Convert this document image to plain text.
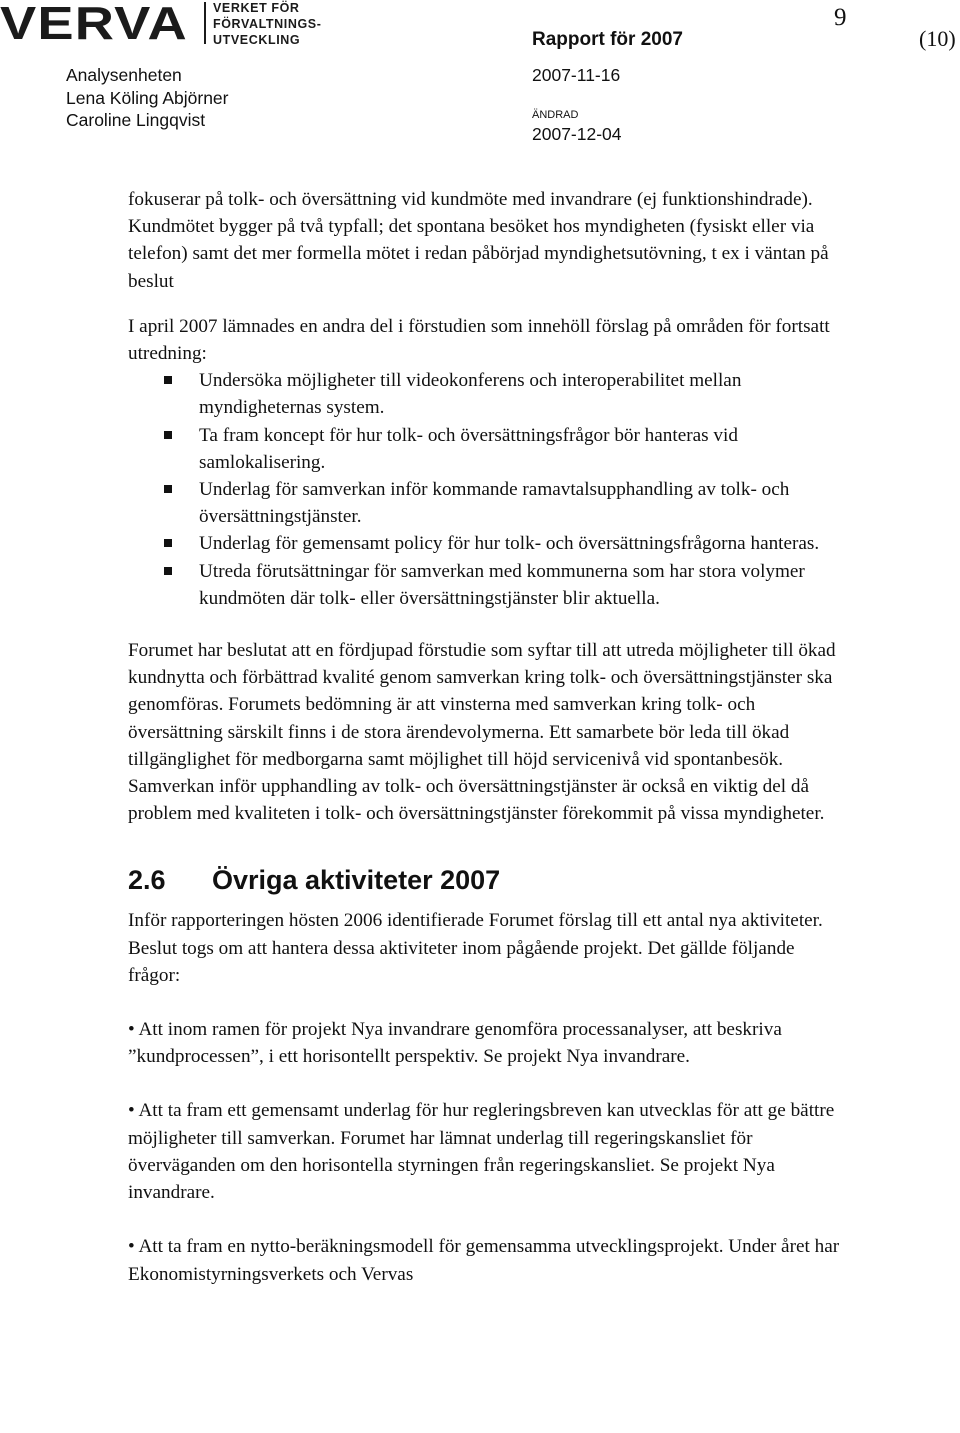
VERVA VERKET FÖR
FÖRVALTNINGS-
UTVECKLING
9
Rapport för 2007	(10)
Analysenheten
Lena Köling Abjörner
Caroline Lingqvist
2007-11-16
ÄNDRAD
2007-12-04

fokuserar på tolk- och översättning vid kundmöte med invandrare (ej funktionshindrade). Kundmötet bygger på två typfall; det spontana besöket hos myndigheten (fysiskt eller via telefon) samt det mer formella mötet i redan påbörjad myndighetsutövning, t ex i väntan på beslut

I april 2007 lämnades en andra del i förstudien som innehöll förslag på områden för fortsatt utredning:

Undersöka möjligheter till videokonferens och interoperabilitet mellan myndigheternas system.
Ta fram koncept för hur tolk- och översättningsfrågor bör hanteras vid samlokalisering.
Underlag för samverkan inför kommande ramavtalsupphandling av tolk- och översättningstjänster.
Underlag för gemensamt policy för hur tolk- och översättningsfrågorna hanteras.
Utreda förutsättningar för samverkan med kommunerna som har stora volymer kundmöten där tolk- eller översättningstjänster blir aktuella.

Forumet har beslutat att en fördjupad förstudie som syftar till att utreda möjligheter till ökad kundnytta och förbättrad kvalité genom samverkan kring tolk- och översättningstjänster ska genomföras. Forumets bedömning är att vinsterna med samverkan kring tolk- och översättning särskilt finns i de stora ärendevolymerna. Ett samarbete bör leda till ökad tillgänglighet för medborgarna samt möjlighet till höjd servicenivå vid spontanbesök. Samverkan inför upphandling av tolk- och översättningstjänster är också en viktig del då problem med kvaliteten i tolk- och översättningstjänster förekommit på vissa myndigheter.

2.6	Övriga aktiviteter 2007

Inför rapporteringen hösten 2006 identifierade Forumet förslag till ett antal nya aktiviteter. Beslut togs om att hantera dessa aktiviteter inom pågående projekt. Det gällde följande frågor:

• Att inom ramen för projekt Nya invandrare genomföra processanalyser, att beskriva ”kundprocessen”, i ett horisontellt perspektiv. Se projekt Nya invandrare.

• Att ta fram ett gemensamt underlag för hur regleringsbreven kan utvecklas för att ge bättre möjligheter till samverkan. Forumet har lämnat underlag till regeringskansliet för överväganden om den horisontella styrningen från regeringskansliet. Se projekt Nya invandrare.

• Att ta fram en nytto-beräkningsmodell för gemensamma utvecklingsprojekt. Under året har Ekonomistyrningsverkets och Vervas
